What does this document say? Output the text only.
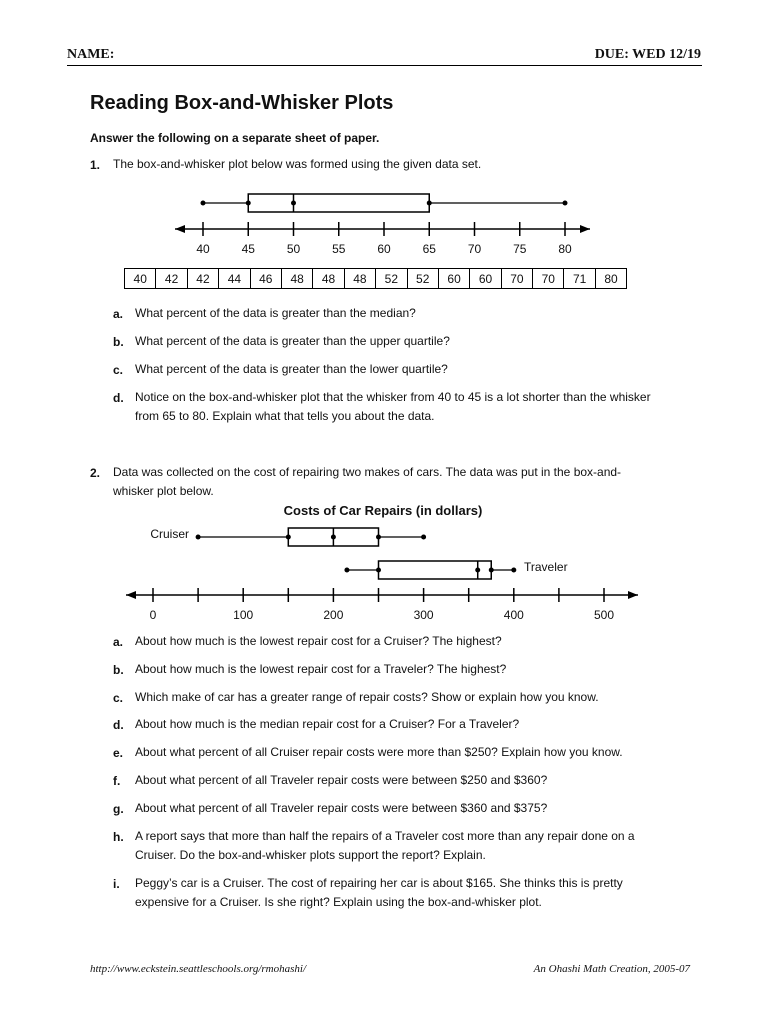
NAME:	DUE: WED 12/19
Reading Box-and-Whisker Plots
Answer the following on a separate sheet of paper.
1. The box-and-whisker plot below was formed using the given data set.
40	45	50	55	60	65	70	75	80
40	42	42	44	46	48	48	48	52	52	60	60	70	70	71	80
a. What percent of the data is greater than the median?
b. What percent of the data is greater than the upper quartile?
c. What percent of the data is greater than the lower quartile?
d. Notice on the box-and-whisker plot that the whisker from 40 to 45 is a lot shorter than the whisker
from 65 to 80. Explain what that tells you about the data.
2. Data was collected on the cost of repairing two makes of cars. The data was put in the box-and-
whisker plot below.
Costs of Car Repairs (in dollars)
Cruiser
Traveler
0	100	200	300	400	500
a. About how much is the lowest repair cost for a Cruiser? The highest?
b. About how much is the lowest repair cost for a Traveler? The highest?
c. Which make of car has a greater range of repair costs? Show or explain how you know.
d. About how much is the median repair cost for a Cruiser? For a Traveler?
e. About what percent of all Cruiser repair costs were more than $250? Explain how you know.
f. About what percent of all Traveler repair costs were between $250 and $360?
g. About what percent of all Traveler repair costs were between $360 and $375?
h. A report says that more than half the repairs of a Traveler cost more than any repair done on a
Cruiser. Do the box-and-whisker plots support the report? Explain.
i. Peggy’s car is a Cruiser. The cost of repairing her car is about $165. She thinks this is pretty
expensive for a Cruiser. Is she right? Explain using the box-and-whisker plot.
http://www.eckstein.seattleschools.org/rmohashi/	An Ohashi Math Creation, 2005-07
